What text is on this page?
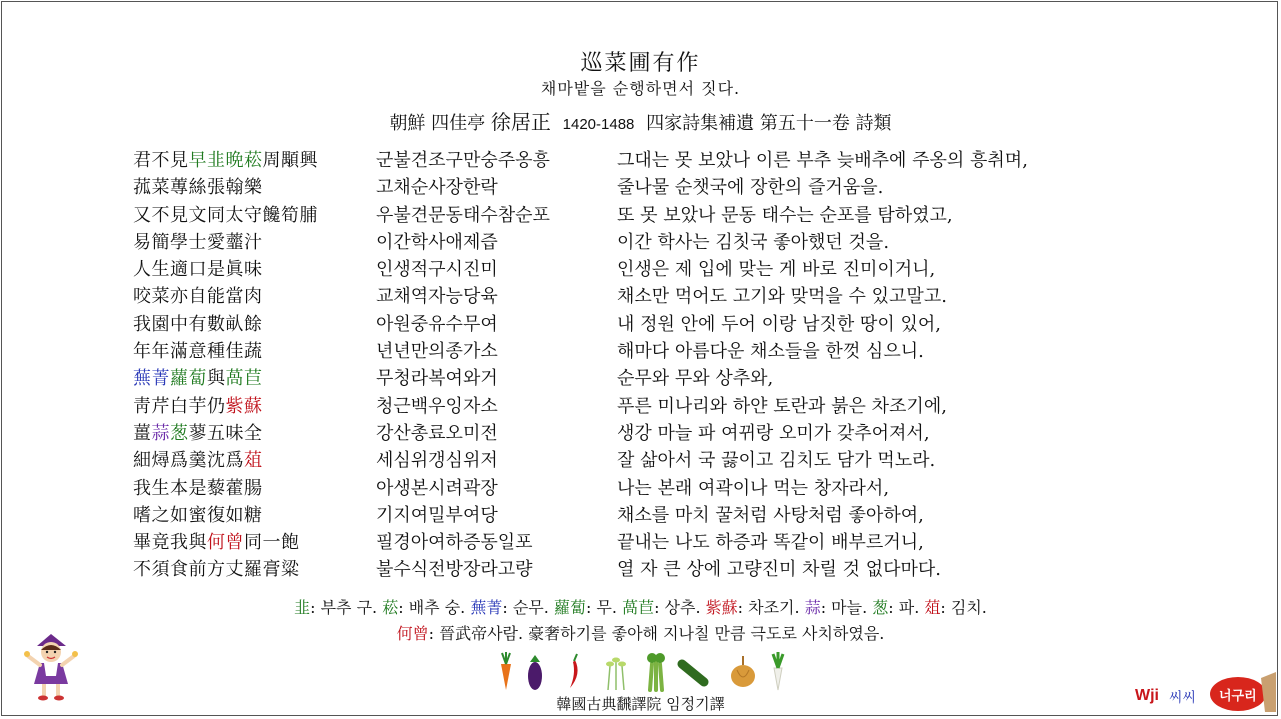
巡菜圃有作
채마밭을 순행하면서 짓다.
朝鮮 四佳亭 徐居正 1420-1488 四家詩集補遺 第五十一卷 詩類
君不見早韭晩菘周顒興	군불견조구만숭주옹흥	그대는 못 보았나 이른 부추 늦배추에 주옹의 흥취며,
菰菜蓴絲張翰樂	고채순사장한락	줄나물 순챗국에 장한의 즐거움을.
又不見文同太守饞筍脯	우불견문동태수참순포	또 못 보았나 문동 태수는 순포를 탐하였고,
易簡學士愛虀汁	이간학사애제즙	이간 학사는 김칫국 좋아했던 것을.
人生適口是眞味	인생적구시진미	인생은 제 입에 맞는 게 바로 진미이거니,
咬菜亦自能當肉	교채역자능당육	채소만 먹어도 고기와 맞먹을 수 있고말고.
我園中有數畒餘	아원중유수무여	내 정원 안에 두어 이랑 남짓한 땅이 있어,
年年滿意種佳蔬	년년만의종가소	해마다 아름다운 채소들을 한껏 심으니.
蕪菁蘿蔔與萵苣	무청라복여와거	순무와 무와 상추와,
靑芹白芋仍紫蘇	청근백우잉자소	푸른 미나리와 하얀 토란과 붉은 차조기에,
薑蒜葱蓼五味全	강산총료오미전	생강 마늘 파 여뀌랑 오미가 갖추어져서,
細燖爲羹沈爲葅	세심위갱심위저	잘 삶아서 국 끓이고 김치도 담가 먹노라.
我生本是藜藿腸	아생본시려곽장	나는 본래 여곽이나 먹는 창자라서,
嗜之如蜜復如糖	기지여밀부여당	채소를 마치 꿀처럼 사탕처럼 좋아하여,
畢竟我與何曾同一飽	필경아여하증동일포	끝내는 나도 하증과 똑같이 배부르거니,
不須食前方丈羅膏粱	불수식전방장라고량	열 자 큰 상에 고량진미 차릴 것 없다마다.
韭: 부추 구. 菘: 배추 숭. 蕪菁: 순무. 蘿蔔: 무. 萵苣: 상추. 紫蘇: 차조기. 蒜: 마늘. 葱: 파. 葅: 김치.
何曾: 晉武帝사람. 豪奢하기를 좋아해 지나칠 만큼 극도로 사치하였음.
韓國古典飜譯院 임정기譯	Wji 씨씨 너구리
